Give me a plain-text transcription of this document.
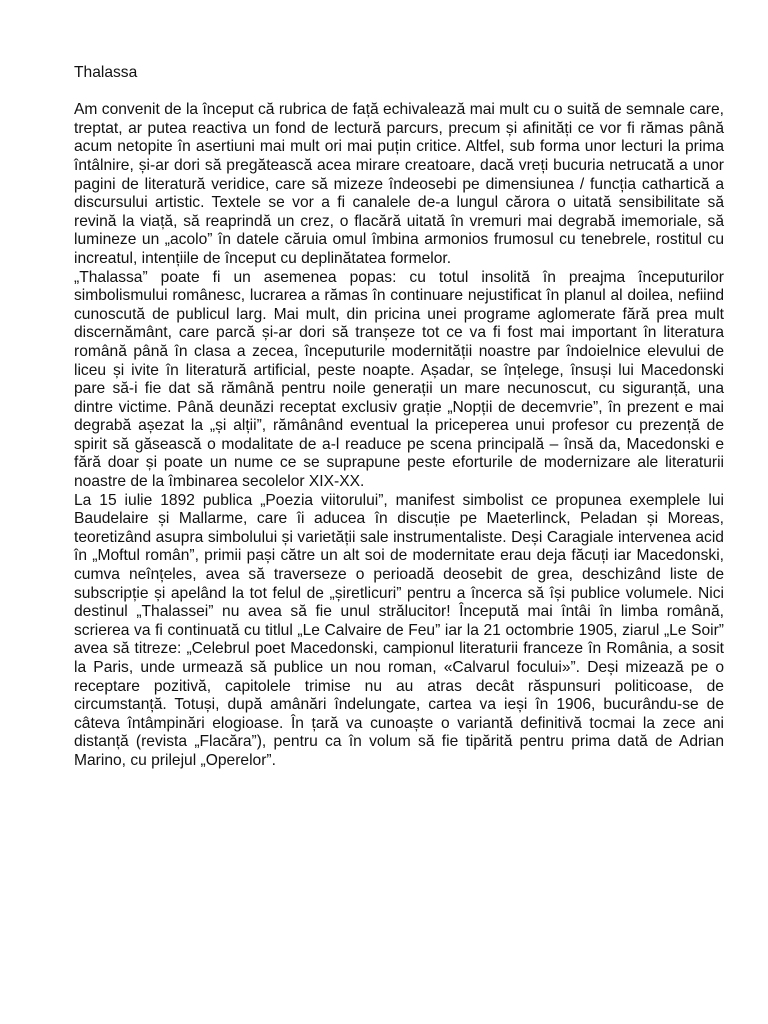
Thalassa

Am convenit de la început că rubrica de față echivalează mai mult cu o suită de semnale care, treptat, ar putea reactiva un fond de lectură parcurs, precum și afinități ce vor fi rămas până acum netopite în asertiuni mai mult ori mai puțin critice. Altfel, sub forma unor lecturi la prima întâlnire, și-ar dori să pregătească acea mirare creatoare, dacă vreți bucuria netrucată a unor pagini de literatură veridice, care să mizeze îndeosebi pe dimensiunea / funcția cathartică a discursului artistic. Textele se vor a fi canalele de-a lungul cărora o uitată sensibilitate să revină la viață, să reaprindă un crez, o flacără uitată în vremuri mai degrabă imemoriale, să lumineze un „acolo” în datele căruia omul îmbina armonios frumosul cu tenebrele, rostitul cu increatul, intențiile de început cu deplinătatea formelor.

„Thalassa” poate fi un asemenea popas: cu totul insolită în preajma începuturilor simbolismului românesc, lucrarea a rămas în continuare nejustificat în planul al doilea, nefiind cunoscută de publicul larg. Mai mult, din pricina unei programe aglomerate fără prea mult discernământ, care parcă și-ar dori să tranșeze tot ce va fi fost mai important în literatura română până în clasa a zecea, începuturile modernității noastre par îndoielnice elevului de liceu și ivite în literatură artificial, peste noapte. Așadar, se înțelege, însuși lui Macedonski pare să-i fie dat să rămână pentru noile generații un mare necunoscut, cu siguranță, una dintre victime. Până deunăzi receptat exclusiv grație „Nopții de decemvrie”, în prezent e mai degrabă așezat la „și alții”, rămânând eventual la priceperea unui profesor cu prezență de spirit să găsească o modalitate de a-l readuce pe scena principală – însă da, Macedonski e fără doar și poate un nume ce se suprapune peste eforturile de modernizare ale literaturii noastre de la îmbinarea secolelor XIX-XX.

La 15 iulie 1892 publica „Poezia viitorului”, manifest simbolist ce propunea exemplele lui Baudelaire și Mallarme, care îi aducea în discuție pe Maeterlinck, Peladan și Moreas, teoretizând asupra simbolului și varietății sale instrumentaliste. Deși Caragiale intervenea acid în „Moftul român”, primii pași către un alt soi de modernitate erau deja făcuți iar Macedonski, cumva neînțeles, avea să traverseze o perioadă deosebit de grea, deschizând liste de subscripție și apelând la tot felul de „șiretlicuri” pentru a încerca să își publice volumele. Nici destinul „Thalassei” nu avea să fie unul strălucitor! Începută mai întâi în limba română, scrierea va fi continuată cu titlul „Le Calvaire de Feu” iar la 21 octombrie 1905, ziarul „Le Soir” avea să titreze: „Celebrul poet Macedonski, campionul literaturii franceze în România, a sosit la Paris, unde urmează să publice un nou roman, «Calvarul focului»”. Deși mizează pe o receptare pozitivă, capitolele trimise nu au atras decât răspunsuri politicoase, de circumstanță. Totuși, după amânări îndelungate, cartea va ieși în 1906, bucurându-se de câteva întâmpinări elogioase. În țară va cunoaște o variantă definitivă tocmai la zece ani distanță (revista „Flacăra”), pentru ca în volum să fie tipărită pentru prima dată de Adrian Marino, cu prilejul „Operelor”.
